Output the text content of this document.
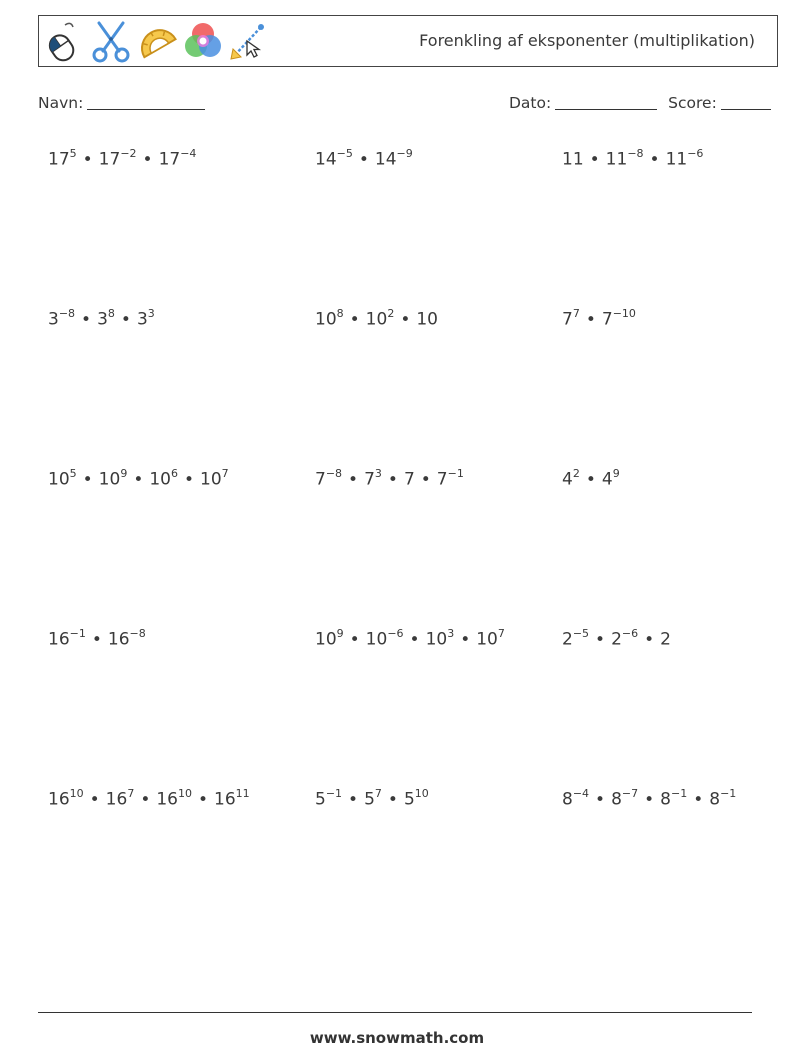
Forenkling af eksponenter (multiplikation)
Navn:	Dato:	Score:
$17^5$ • $17^{-2}$ • $17^{-4}$	$14^{-5}$ • $14^{-9}$	11 • $11^{-8}$ • $11^{-6}$
$3^{-8}$ • $3^8$ • $3^3$	$10^8$ • $10^2$ • 10	$7^7$ • $7^{-10}$
$10^5$ • $10^9$ • $10^6$ • $10^7$	$7^{-8}$ • $7^3$ • 7 • $7^{-1}$	$4^2$ • $4^9$
$16^{-1}$ • $16^{-8}$	$10^9$ • $10^{-6}$ • $10^3$ • $10^7$	$2^{-5}$ • $2^{-6}$ • 2
$16^{10}$ • $16^7$ • $16^{10}$ • $16^{11}$	$5^{-1}$ • $5^7$ • $5^{10}$	$8^{-4}$ • $8^{-7}$ • $8^{-1}$ • $8^{-1}$
www.snowmath.com
